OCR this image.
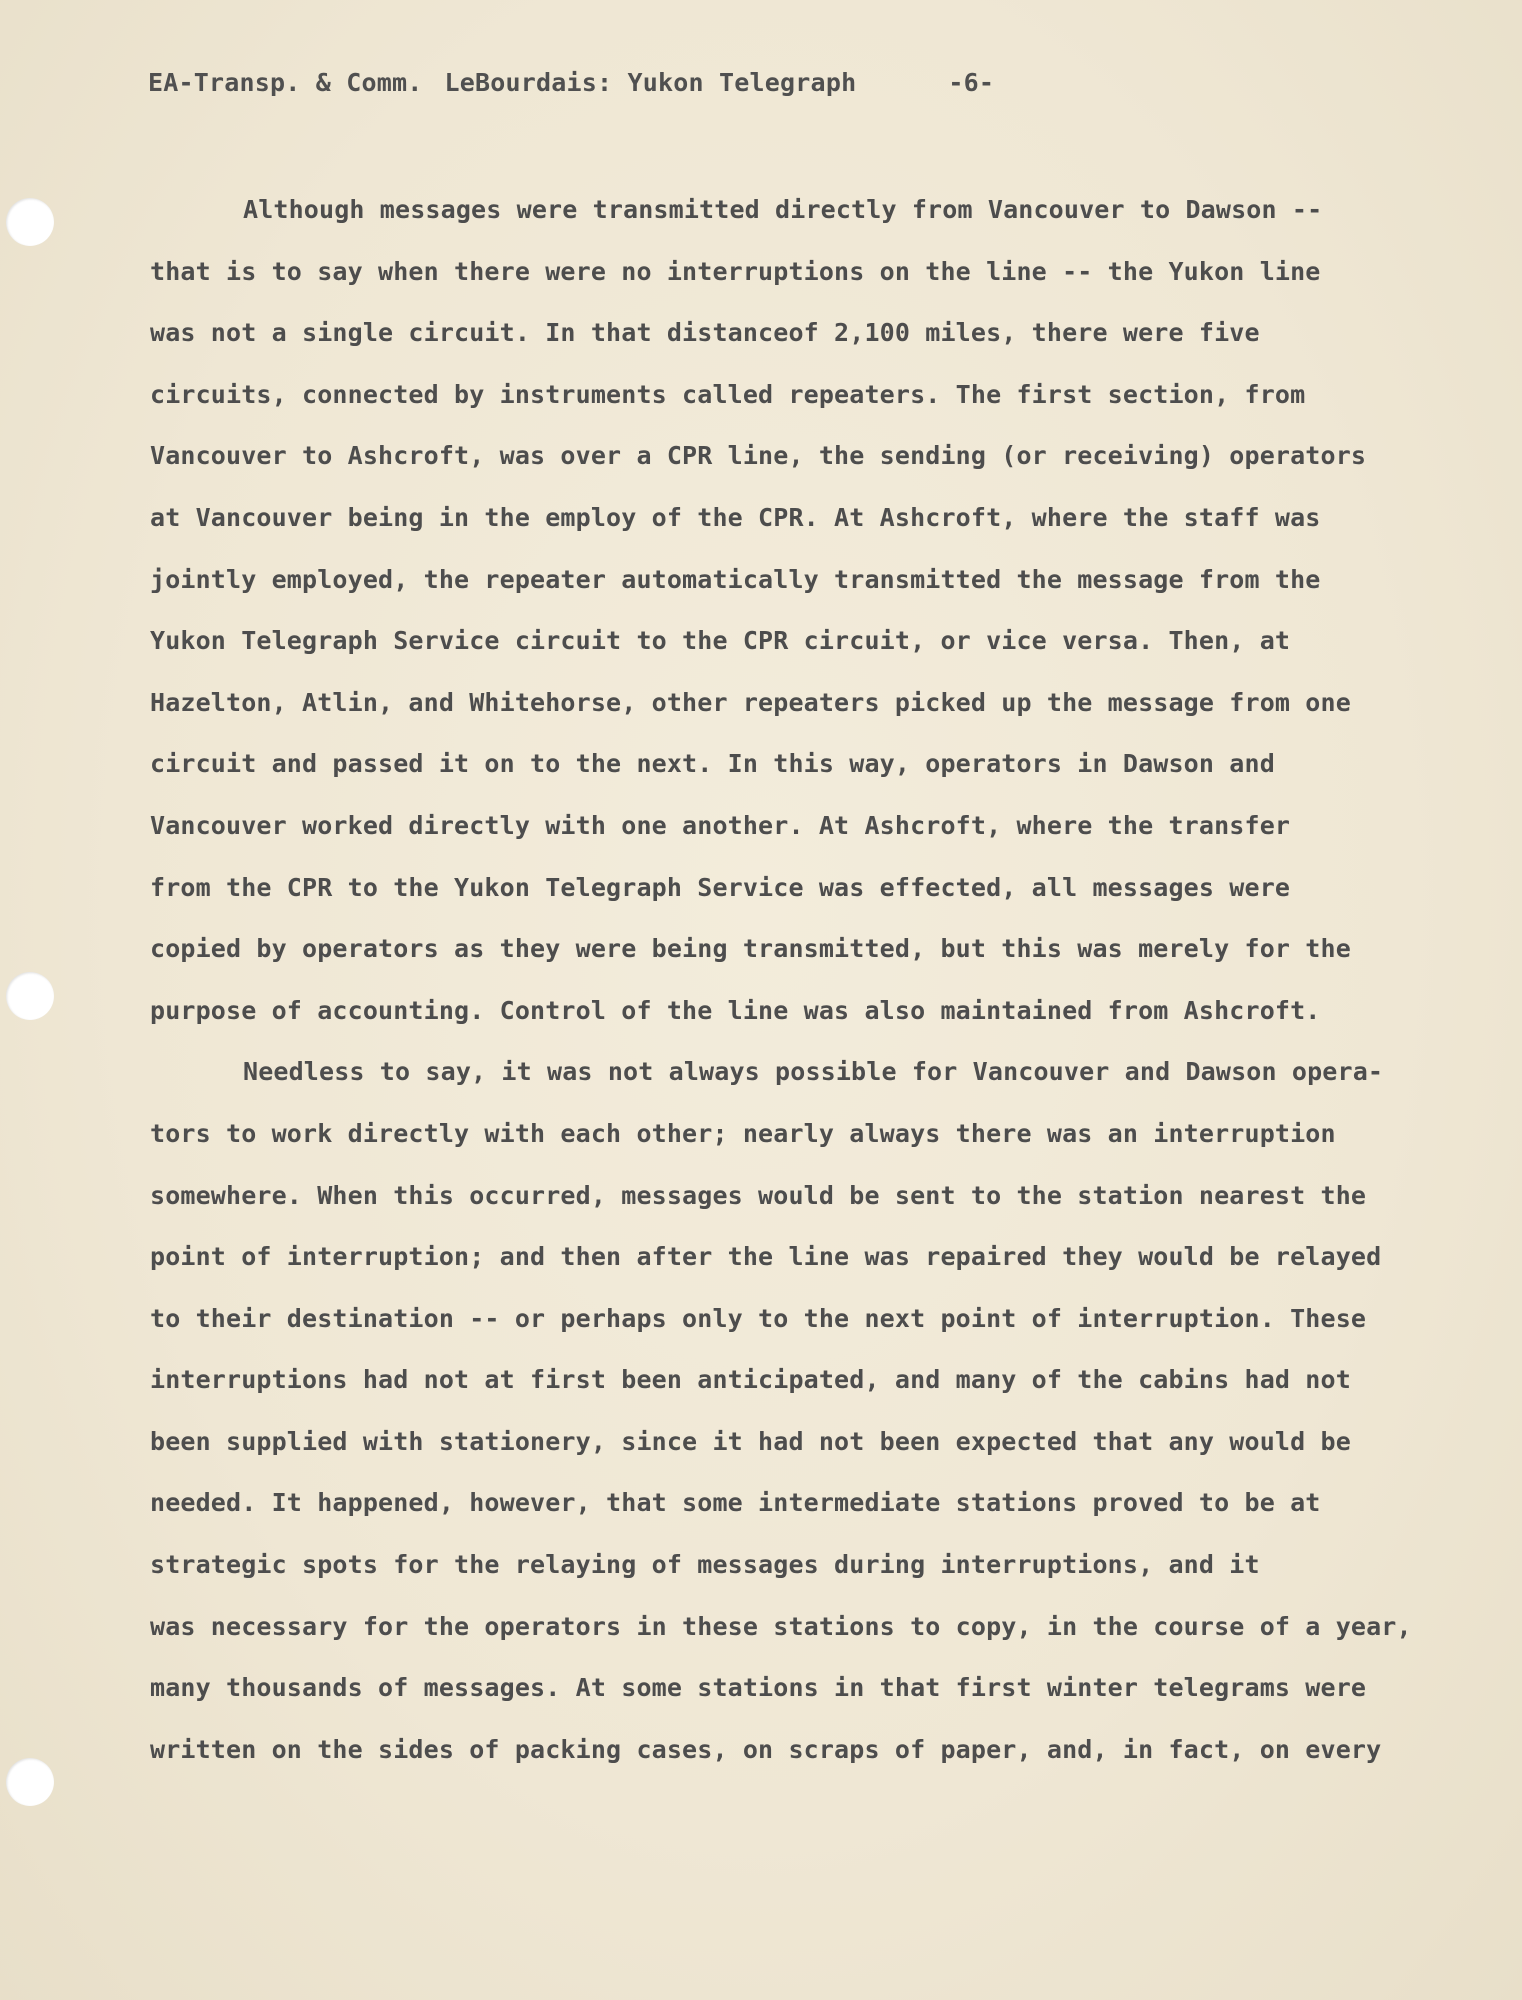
EA-Transp. & Comm. LeBourdais: Yukon Telegraph	-6-
Although messages were transmitted directly from Vancouver to Dawson --
that is to say when there were no interruptions on the line -- the Yukon line
was not a single circuit. In that distanceof 2,100 miles, there were five
circuits, connected by instruments called repeaters. The first section, from
Vancouver to Ashcroft, was over a CPR line, the sending (or receiving) operators
at Vancouver being in the employ of the CPR. At Ashcroft, where the staff was
jointly employed, the repeater automatically transmitted the message from the
Yukon Telegraph Service circuit to the CPR circuit, or vice versa. Then, at
Hazelton, Atlin, and Whitehorse, other repeaters picked up the message from one
circuit and passed it on to the next. In this way, operators in Dawson and
Vancouver worked directly with one another. At Ashcroft, where the transfer
from the CPR to the Yukon Telegraph Service was effected, all messages were
copied by operators as they were being transmitted, but this was merely for the
purpose of accounting. Control of the line was also maintained from Ashcroft.
Needless to say, it was not always possible for Vancouver and Dawson opera-
tors to work directly with each other; nearly always there was an interruption
somewhere. When this occurred, messages would be sent to the station nearest the
point of interruption; and then after the line was repaired they would be relayed
to their destination -- or perhaps only to the next point of interruption. These
interruptions had not at first been anticipated, and many of the cabins had not
been supplied with stationery, since it had not been expected that any would be
needed. It happened, however, that some intermediate stations proved to be at
strategic spots for the relaying of messages during interruptions, and it
was necessary for the operators in these stations to copy, in the course of a year,
many thousands of messages. At some stations in that first winter telegrams were
written on the sides of packing cases, on scraps of paper, and, in fact, on every
